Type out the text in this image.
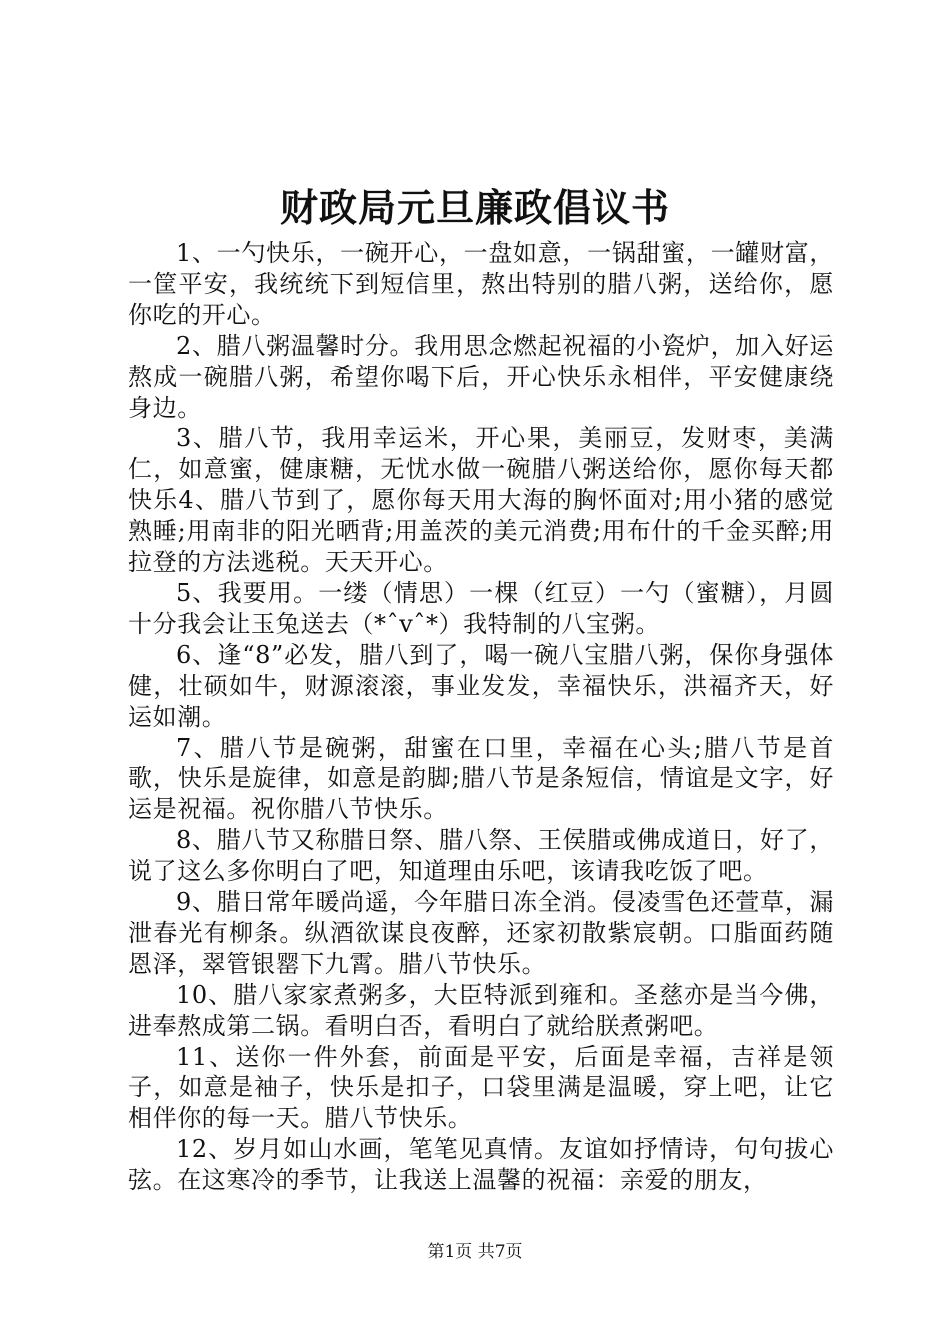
财政局元旦廉政倡议书

1、一勺快乐，一碗开心，一盘如意，一锅甜蜜，一罐财富，一筐平安，我统统下到短信里，熬出特别的腊八粥，送给你，愿你吃的开心。

2、腊八粥温馨时分。我用思念燃起祝福的小瓷炉，加入好运熬成一碗腊八粥，希望你喝下后，开心快乐永相伴，平安健康绕身边。

3、腊八节，我用幸运米，开心果，美丽豆，发财枣，美满仁，如意蜜，健康糖，无忧水做一碗腊八粥送给你，愿你每天都快乐4、腊八节到了，愿你每天用大海的胸怀面对;用小猪的感觉熟睡;用南非的阳光晒背;用盖茨的美元消费;用布什的千金买醉;用拉登的方法逃税。天天开心。

5、我要用。一缕（情思）一棵（红豆）一勺（蜜糖），月圆十分我会让玉兔送去（*ˆvˆ*）我特制的八宝粥。

6、逢“8”必发，腊八到了，喝一碗八宝腊八粥，保你身强体健，壮硕如牛，财源滚滚，事业发发，幸福快乐，洪福齐天，好运如潮。

7、腊八节是碗粥，甜蜜在口里，幸福在心头;腊八节是首歌，快乐是旋律，如意是韵脚;腊八节是条短信，情谊是文字，好运是祝福。祝你腊八节快乐。

8、腊八节又称腊日祭、腊八祭、王侯腊或佛成道日，好了，说了这么多你明白了吧，知道理由乐吧，该请我吃饭了吧。

9、腊日常年暖尚遥，今年腊日冻全消。侵凌雪色还萱草，漏泄春光有柳条。纵酒欲谋良夜醉，还家初散紫宸朝。口脂面药随恩泽，翠管银罂下九霄。腊八节快乐。

10、腊八家家煮粥多，大臣特派到雍和。圣慈亦是当今佛，进奉熬成第二锅。看明白否，看明白了就给朕煮粥吧。

11、送你一件外套，前面是平安，后面是幸福，吉祥是领子，如意是袖子，快乐是扣子，口袋里满是温暖，穿上吧，让它相伴你的每一天。腊八节快乐。

12、岁月如山水画，笔笔见真情。友谊如抒情诗，句句拔心弦。在这寒冷的季节，让我送上温馨的祝福：亲爱的朋友，

第1页 共7页
